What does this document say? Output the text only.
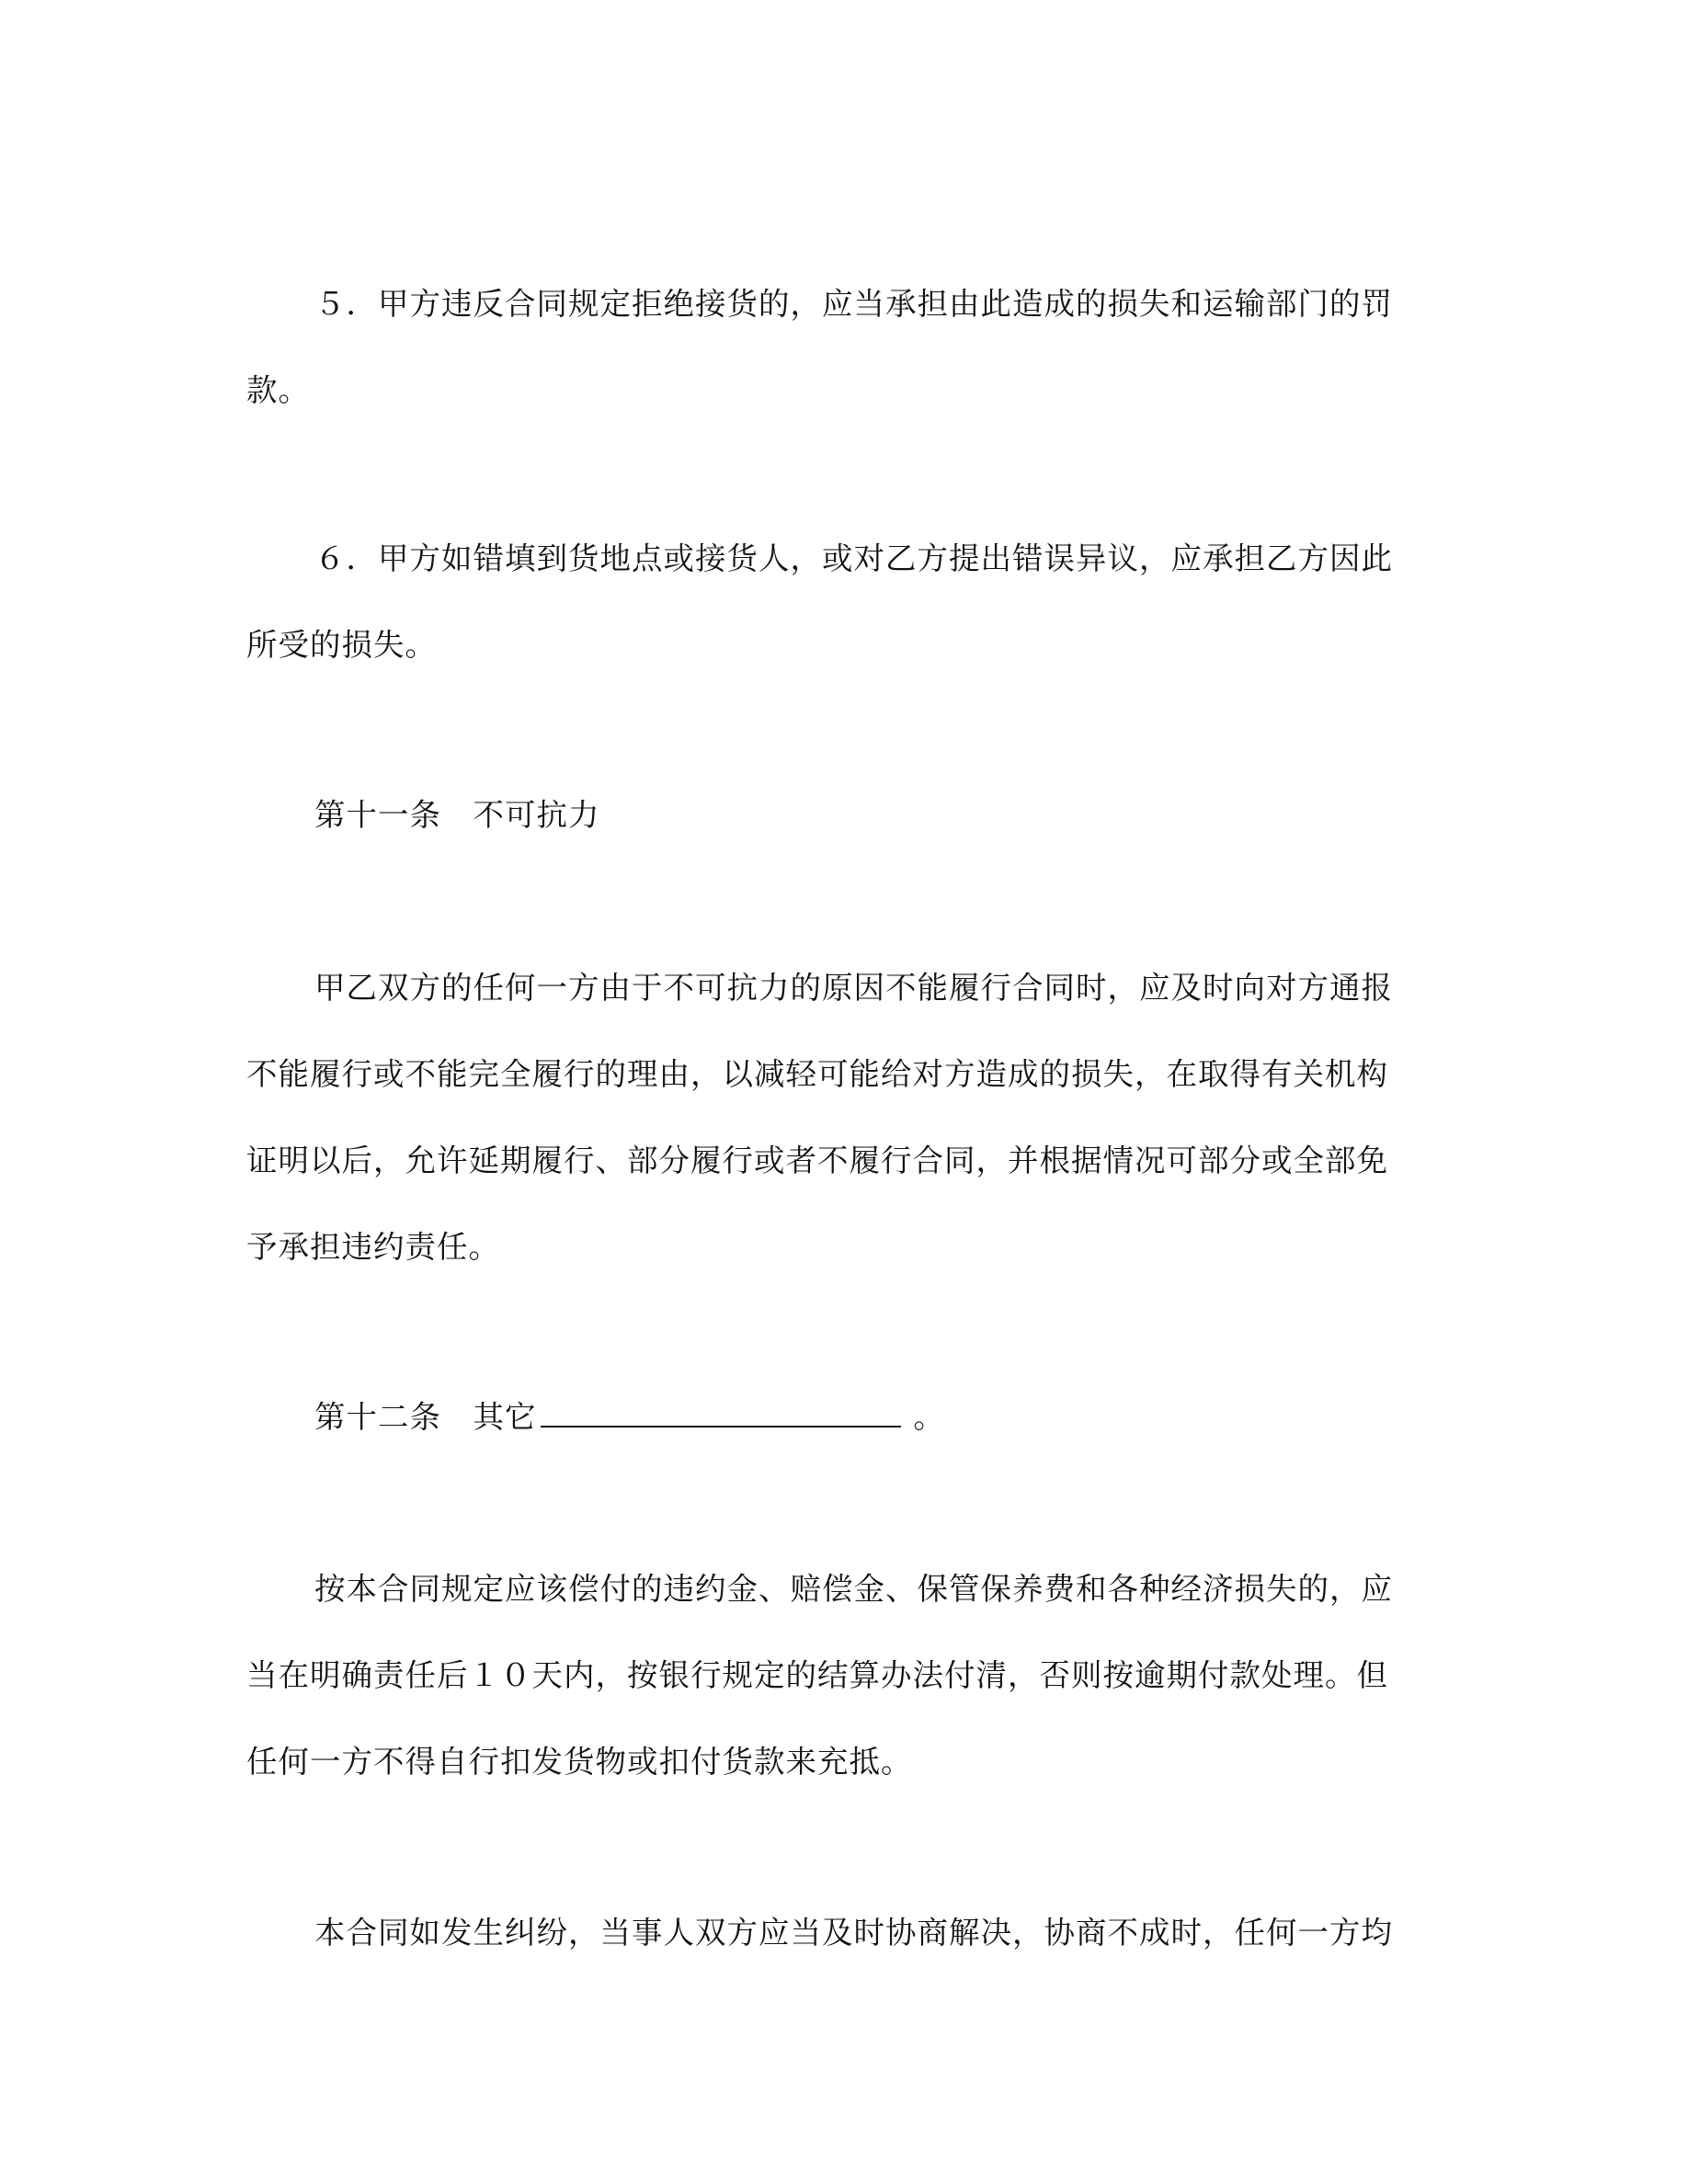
５．甲方违反合同规定拒绝接货的，应当承担由此造成的损失和运输部门的罚
款。
６．甲方如错填到货地点或接货人，或对乙方提出错误异议，应承担乙方因此
所受的损失。
第十一条　不可抗力
甲乙双方的任何一方由于不可抗力的原因不能履行合同时，应及时向对方通报
不能履行或不能完全履行的理由，以减轻可能给对方造成的损失，在取得有关机构
证明以后，允许延期履行、部分履行或者不履行合同，并根据情况可部分或全部免
予承担违约责任。
第十二条　其它	。
按本合同规定应该偿付的违约金、赔偿金、保管保养费和各种经济损失的，应
当在明确责任后１０天内，按银行规定的结算办法付清，否则按逾期付款处理。但
任何一方不得自行扣发货物或扣付货款来充抵。
本合同如发生纠纷，当事人双方应当及时协商解决，协商不成时，任何一方均
